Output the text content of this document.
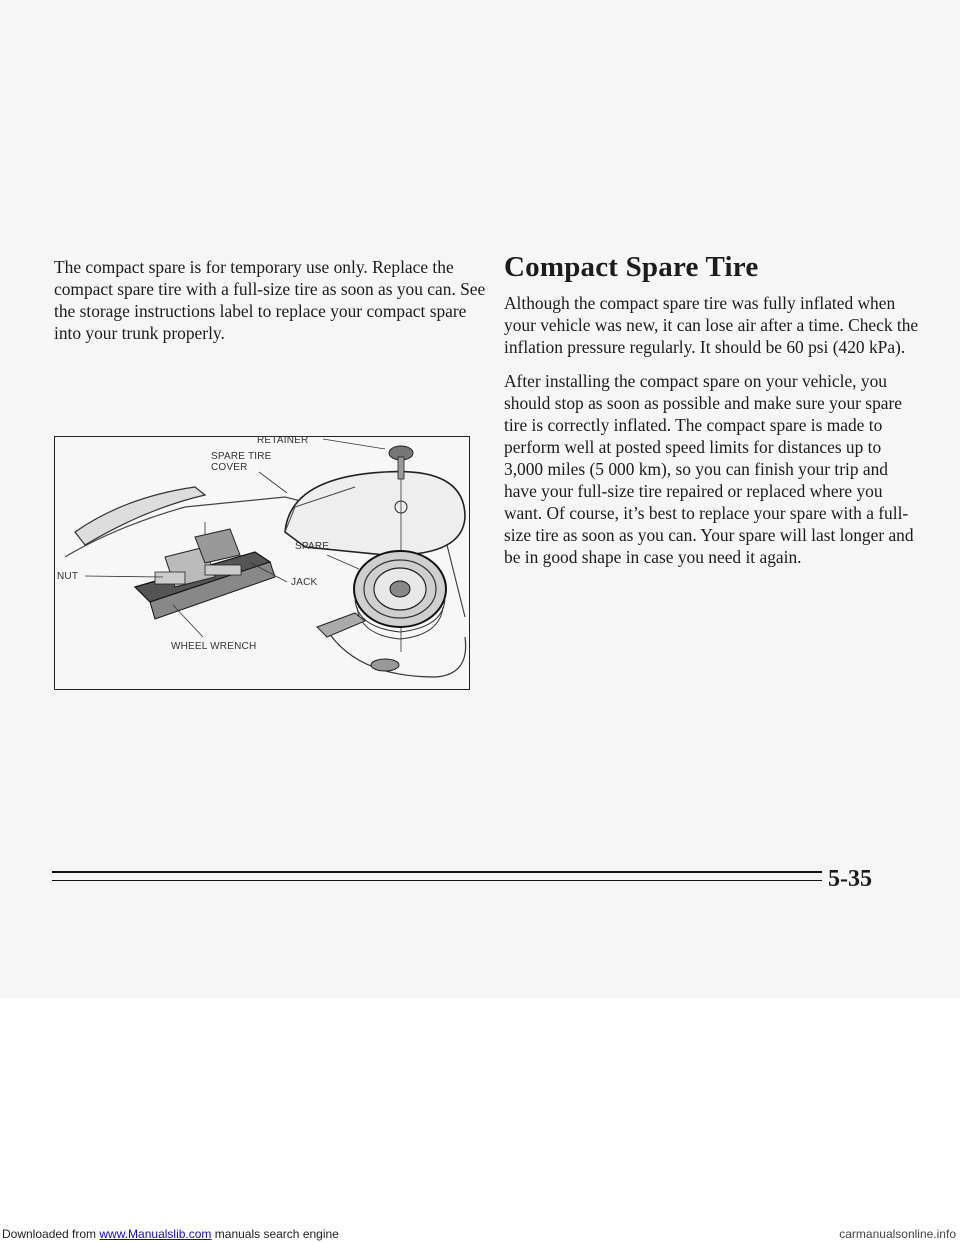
The compact spare is for temporary use only. Replace the compact spare tire with a full-size tire as soon as you can. See the storage instructions label to replace your compact spare into your trunk properly.

RETAINER
SPARE TIRE
COVER
SPARE
JACK
NUT
WHEEL WRENCH
Compact Spare Tire

Although the compact spare tire was fully inflated when your vehicle was new, it can lose air after a time. Check the inflation pressure regularly. It should be 60 psi (420 kPa).

After installing the compact spare on your vehicle, you should stop as soon as possible and make sure your spare tire is correctly inflated. The compact spare is made to perform well at posted speed limits for distances up to 3,000 miles (5 000 km), so you can finish your trip and have your full-size tire repaired or replaced where you want. Of course, it’s best to replace your spare with a full-size tire as soon as you can. Your spare will last longer and be in good shape in case you need it again.

5-35
Downloaded from www.Manualslib.com manuals search engine	carmanualsonline.info
